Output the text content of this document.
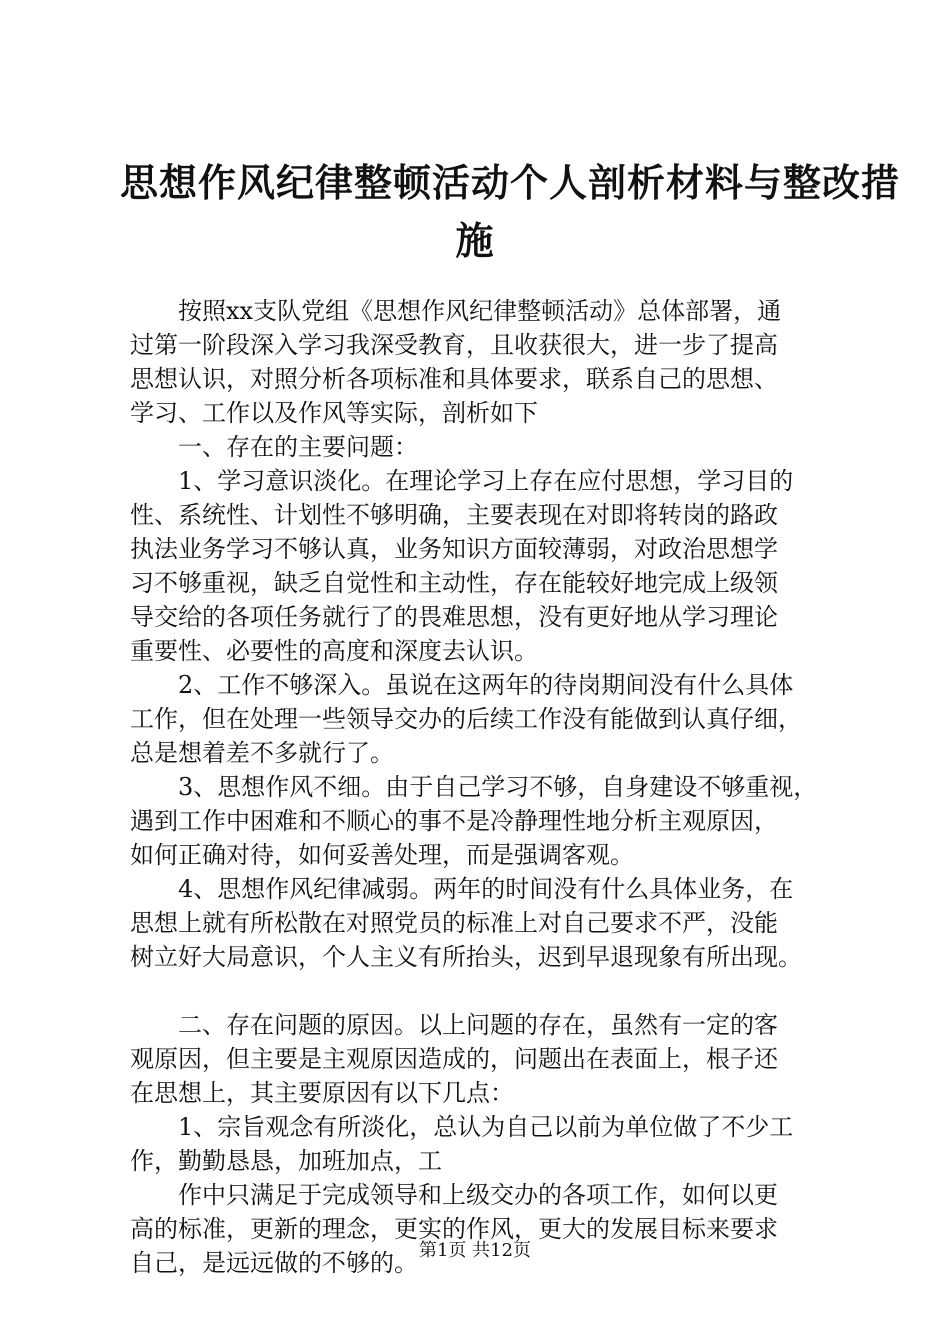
思想作风纪律整顿活动个人剖析材料与整改措
施
　　按照xx支队党组《思想作风纪律整顿活动》总体部署，通
过第一阶段深入学习我深受教育，且收获很大，进一步了提高
思想认识，对照分析各项标准和具体要求，联系自己的思想、
学习、工作以及作风等实际，剖析如下
　　一、存在的主要问题：
　　1、学习意识淡化。在理论学习上存在应付思想，学习目的
性、系统性、计划性不够明确，主要表现在对即将转岗的路政
执法业务学习不够认真，业务知识方面较薄弱，对政治思想学
习不够重视，缺乏自觉性和主动性，存在能较好地完成上级领
导交给的各项任务就行了的畏难思想，没有更好地从学习理论
重要性、必要性的高度和深度去认识。
　　2、工作不够深入。虽说在这两年的待岗期间没有什么具体
工作，但在处理一些领导交办的后续工作没有能做到认真仔细，
总是想着差不多就行了。
　　3、思想作风不细。由于自己学习不够，自身建设不够重视，
遇到工作中困难和不顺心的事不是冷静理性地分析主观原因，
如何正确对待，如何妥善处理，而是强调客观。
　　4、思想作风纪律减弱。两年的时间没有什么具体业务，在
思想上就有所松散在对照党员的标准上对自己要求不严，没能
树立好大局意识，个人主义有所抬头，迟到早退现象有所出现。
　　二、存在问题的原因。以上问题的存在，虽然有一定的客
观原因，但主要是主观原因造成的，问题出在表面上，根子还
在思想上，其主要原因有以下几点：
　　1、宗旨观念有所淡化，总认为自己以前为单位做了不少工
作，勤勤恳恳，加班加点，工
　　作中只满足于完成领导和上级交办的各项工作，如何以更
高的标准，更新的理念，更实的作风，更大的发展目标来要求
自己，是远远做的不够的。 第1页 共12页
